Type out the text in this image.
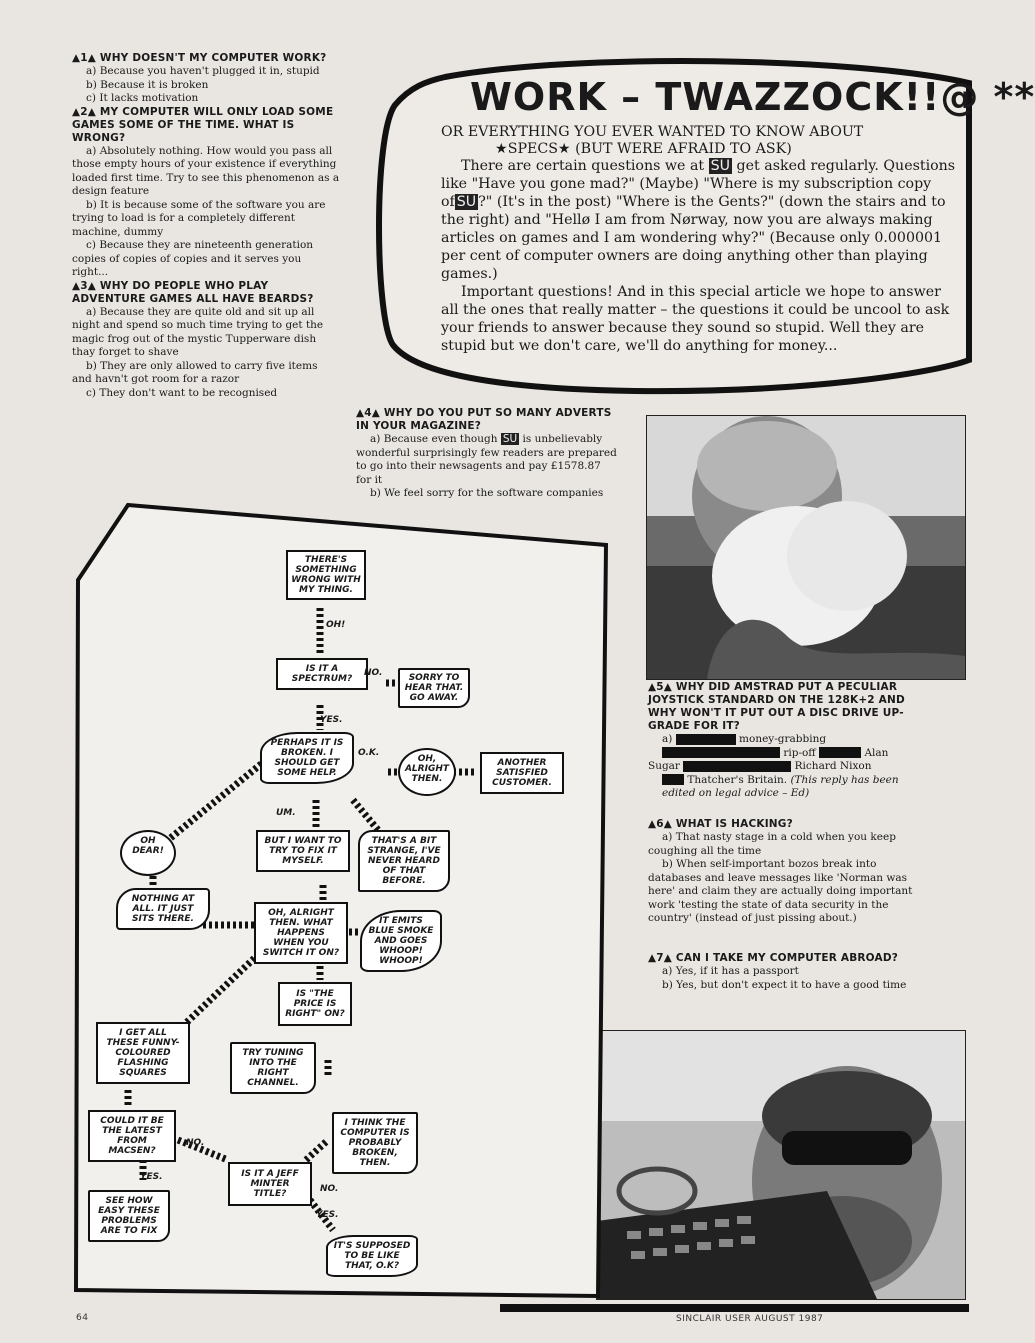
▲1▲ WHY DOESN'T MY COMPUTER WORK?
a) Because you haven't plugged it in, stupid
b) Because it is broken
c) It lacks motivation
▲2▲ MY COMPUTER WILL ONLY LOAD SOME GAMES SOME OF THE TIME. WHAT IS WRONG?
a) Absolutely nothing. How would you pass all those empty hours of your existence if everything loaded first time. Try to see this phenomenon as a design feature
b) It is because some of the software you are trying to load is for a completely different machine, dummy
c) Because they are nineteenth generation copies of copies of copies and it serves you right...
▲3▲ WHY DO PEOPLE WHO PLAY ADVENTURE GAMES ALL HAVE BEARDS?
a) Because they are quite old and sit up all night and spend so much time trying to get the magic frog out of the mystic Tupperware dish thay forget to shave
b) They are only allowed to carry five items and havn't got room for a razor
c) They don't want to be recognised
WORK – TWAZZOCK!!@ **
OR EVERYTHING YOU EVER WANTED TO KNOW ABOUT
★SPECS★ (BUT WERE AFRAID TO ASK)
There are certain questions we at SU get asked regularly. Questions like "Have you gone mad?" (Maybe) "Where is my subscription copy of SU ?" (It's in the post) "Where is the Gents?" (down the stairs and to the right) and "Hellø I am from Nørway, now you are always making articles on games and I am wondering why?" (Because only 0.000001 per cent of computer owners are doing anything other than playing games.)
Important questions! And in this special article we hope to answer all the ones that really matter – the questions it could be uncool to ask your friends to answer because they sound so stupid. Well they are stupid but we don't care, we'll do anything for money...
▲4▲ WHY DO YOU PUT SO MANY ADVERTS IN YOUR MAGAZINE?
a) Because even though SU is unbelievably wonderful surprisingly few readers are prepared to go into their newsagents and pay £1578.87 for it
b) We feel sorry for the software companies
▲5▲ WHY DID AMSTRAD PUT A PECULIAR JOYSTICK STANDARD ON THE 128K+2 AND WHY WON'T IT PUT OUT A DISC DRIVE UP-GRADE FOR IT?
a)	money-grabbing
rip-off	Alan
Sugar	Richard Nixon
Thatcher's Britain. (This reply has been edited on legal advice – Ed)
▲6▲ WHAT IS HACKING?
a) That nasty stage in a cold when you keep coughing all the time
b) When self-important bozos break into databases and leave messages like 'Norman was here' and claim they are actually doing important work 'testing the state of data security in the country' (instead of just pissing about.)
▲7▲ CAN I TAKE MY COMPUTER ABROAD?
a) Yes, if it has a passport
b) Yes, but don't expect it to have a good time
THERE'S SOMETHING WRONG WITH MY THING.
OH!
IS IT A SPECTRUM?
NO.	SORRY TO HEAR THAT. GO AWAY.
YES.
PERHAPS IT IS BROKEN. I SHOULD GET SOME HELP.
O.K.
OH, ALRIGHT THEN.
ANOTHER SATISFIED CUSTOMER.
UM.
OH DEAR!
BUT I WANT TO TRY TO FIX IT MYSELF.
THAT'S A BIT STRANGE, I'VE NEVER HEARD OF THAT BEFORE.
NOTHING AT ALL. IT JUST SITS THERE.
OH, ALRIGHT THEN. WHAT HAPPENS WHEN YOU SWITCH IT ON?
IT EMITS BLUE SMOKE AND GOES WHOOP! WHOOP!
IS "THE PRICE IS RIGHT" ON?
I GET ALL THESE FUNNY-COLOURED FLASHING SQUARES
TRY TUNING INTO THE RIGHT CHANNEL.
COULD IT BE THE LATEST FROM MACSEN?
NO.
YES.	IS IT A JEFF MINTER TITLE?
I THINK THE COMPUTER IS PROBABLY BROKEN, THEN.
NO.
YES.
SEE HOW EASY THESE PROBLEMS ARE TO FIX
IT'S SUPPOSED TO BE LIKE THAT, O.K?
64	SINCLAIR USER AUGUST 1987
